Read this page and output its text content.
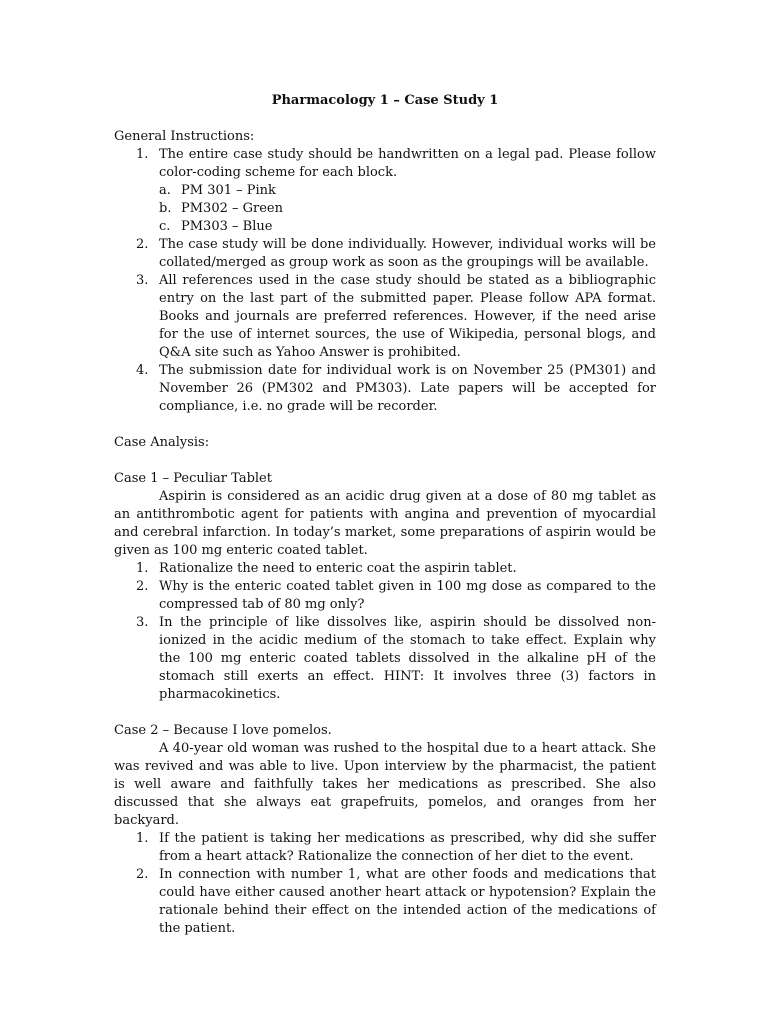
Pharmacology 1 – Case Study 1

General Instructions:

1. The entire case study should be handwritten on a legal pad. Please follow color-coding scheme for each block.
a. PM 301 – Pink
b. PM302 – Green
c. PM303 – Blue
2. The case study will be done individually. However, individual works will be collated/merged as group work as soon as the groupings will be available.
3. All references used in the case study should be stated as a bibliographic entry on the last part of the submitted paper. Please follow APA format. Books and journals are preferred references. However, if the need arise for the use of internet sources, the use of Wikipedia, personal blogs, and Q&A site such as Yahoo Answer is prohibited.
4. The submission date for individual work is on November 25 (PM301) and November 26 (PM302 and PM303). Late papers will be accepted for compliance, i.e. no grade will be recorder.

Case Analysis:

Case 1 – Peculiar Tablet

Aspirin is considered as an acidic drug given at a dose of 80 mg tablet as an antithrombotic agent for patients with angina and prevention of myocardial and cerebral infarction. In today’s market, some preparations of aspirin would be given as 100 mg enteric coated tablet.

1. Rationalize the need to enteric coat the aspirin tablet.
2. Why is the enteric coated tablet given in 100 mg dose as compared to the compressed tab of 80 mg only?
3. In the principle of like dissolves like, aspirin should be dissolved non-ionized in the acidic medium of the stomach to take effect. Explain why the 100 mg enteric coated tablets dissolved in the alkaline pH of the stomach still exerts an effect. HINT: It involves three (3) factors in pharmacokinetics.

Case 2 – Because I love pomelos.

A 40-year old woman was rushed to the hospital due to a heart attack. She was revived and was able to live. Upon interview by the pharmacist, the patient is well aware and faithfully takes her medications as prescribed. She also discussed that she always eat grapefruits, pomelos, and oranges from her backyard.

1. If the patient is taking her medications as prescribed, why did she suffer from a heart attack? Rationalize the connection of her diet to the event.
2. In connection with number 1, what are other foods and medications that could have either caused another heart attack or hypotension? Explain the rationale behind their effect on the intended action of the medications of the patient.
